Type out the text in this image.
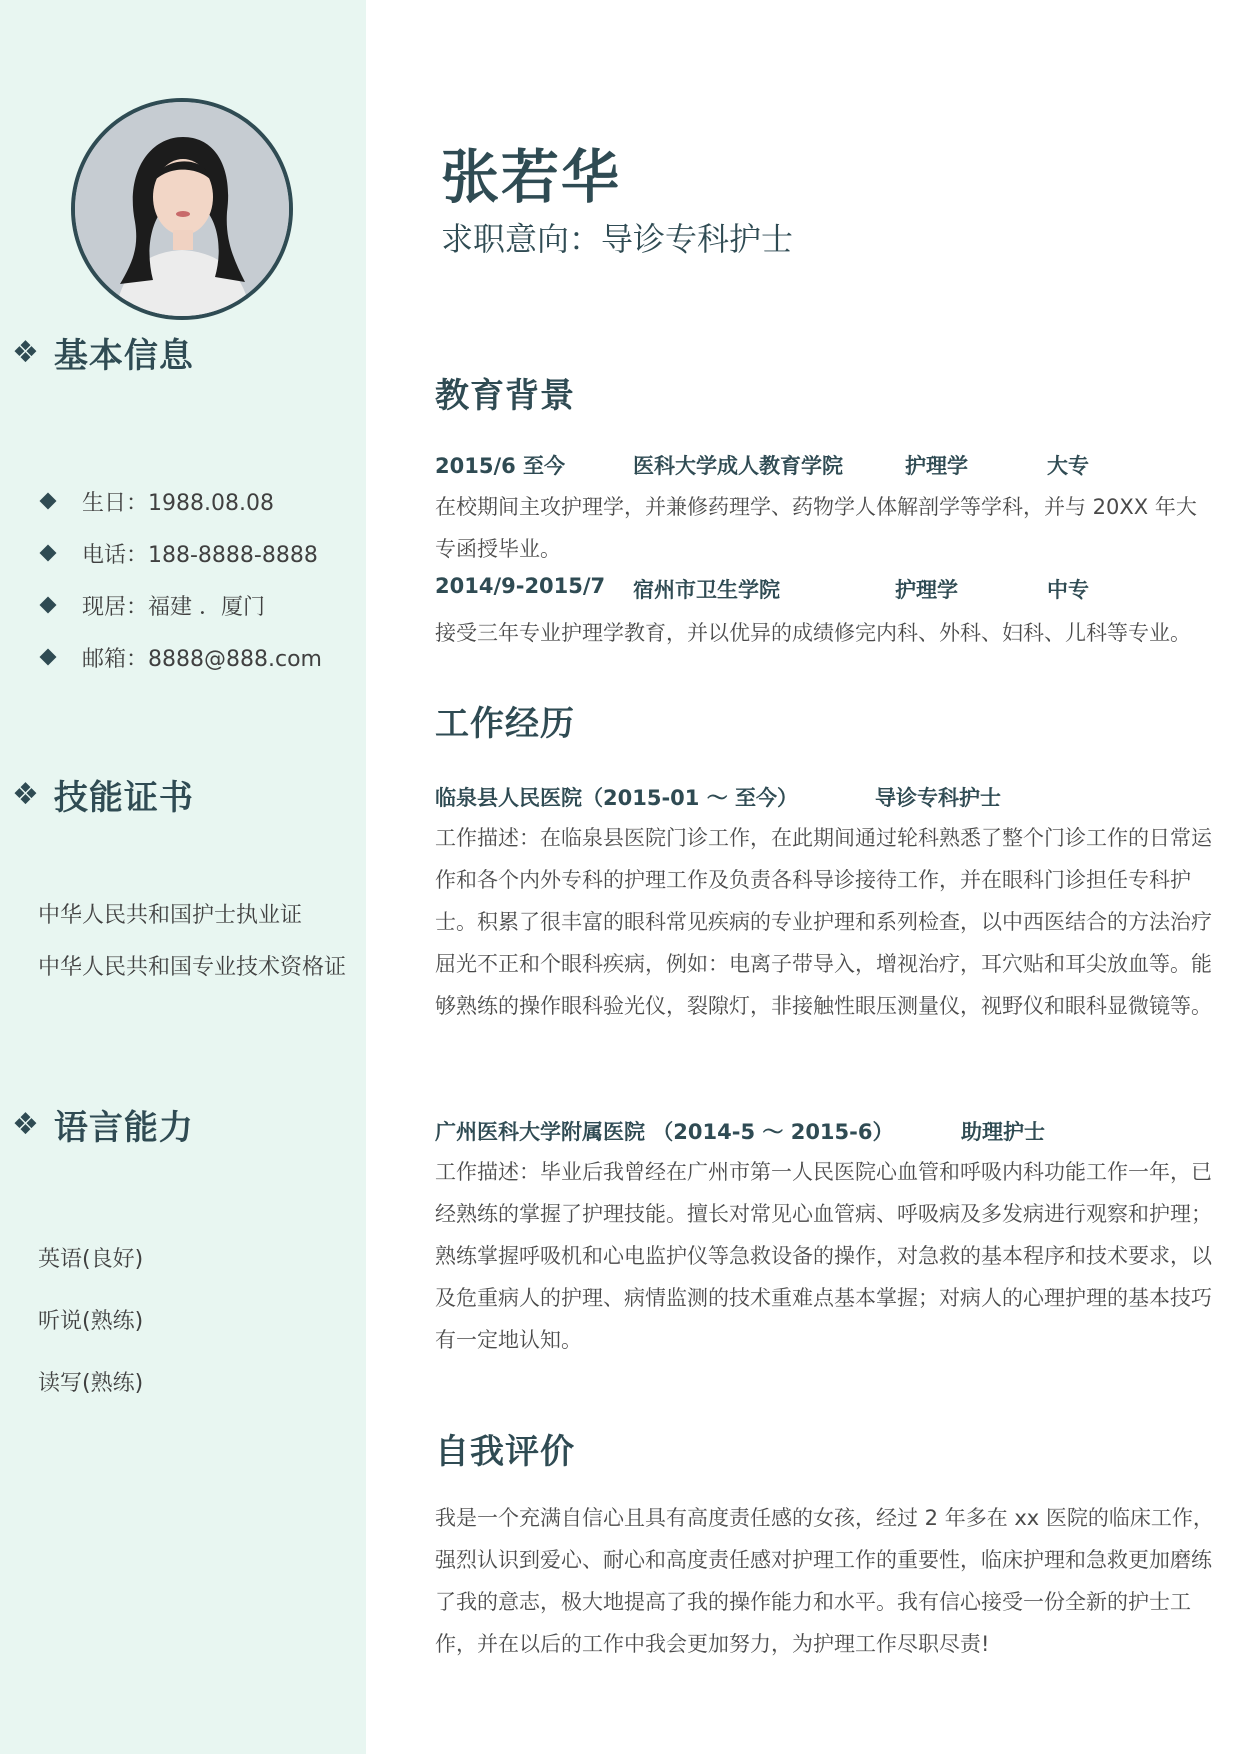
❖ 基本信息
生日：1988.08.08
电话：188-8888-8888
现居：福建 ．厦门
邮箱：8888@888.com
❖ 技能证书
中华人民共和国护士执业证
中华人民共和国专业技术资格证
❖ 语言能力
英语(良好)
听说(熟练)
读写(熟练)
张若华
求职意向：导诊专科护士
教育背景
2015/6 至今	医科大学成人教育学院	护理学	大专
在校期间主攻护理学，并兼修药理学、药物学人体解剖学等学科，并与 20XX 年大专函授毕业。
2014/9-2015/7 宿州市卫生学院	护理学	中专
接受三年专业护理学教育，并以优异的成绩修完内科、外科、妇科、儿科等专业。
工作经历
临泉县人民医院（2015-01 ～ 至今）	导诊专科护士
工作描述：在临泉县医院门诊工作，在此期间通过轮科熟悉了整个门诊工作的日常运作和各个内外专科的护理工作及负责各科导诊接待工作，并在眼科门诊担任专科护士。积累了很丰富的眼科常见疾病的专业护理和系列检查，以中西医结合的方法治疗屈光不正和个眼科疾病，例如：电离子带导入，增视治疗，耳穴贴和耳尖放血等。能够熟练的操作眼科验光仪，裂隙灯，非接触性眼压测量仪，视野仪和眼科显微镜等。
广州医科大学附属医院 （2014-5 ～ 2015-6）	助理护士
工作描述：毕业后我曾经在广州市第一人民医院心血管和呼吸内科功能工作一年，已经熟练的掌握了护理技能。擅长对常见心血管病、呼吸病及多发病进行观察和护理； 熟练掌握呼吸机和心电监护仪等急救设备的操作，对急救的基本程序和技术要求，以及危重病人的护理、病情监测的技术重难点基本掌握；对病人的心理护理的基本技巧有一定地认知。
自我评价
我是一个充满自信心且具有高度责任感的女孩，经过 2 年多在 xx 医院的临床工作，强烈认识到爱心、耐心和高度责任感对护理工作的重要性，临床护理和急救更加磨练了我的意志，极大地提高了我的操作能力和水平。我有信心接受一份全新的护士工作，并在以后的工作中我会更加努力，为护理工作尽职尽责!
